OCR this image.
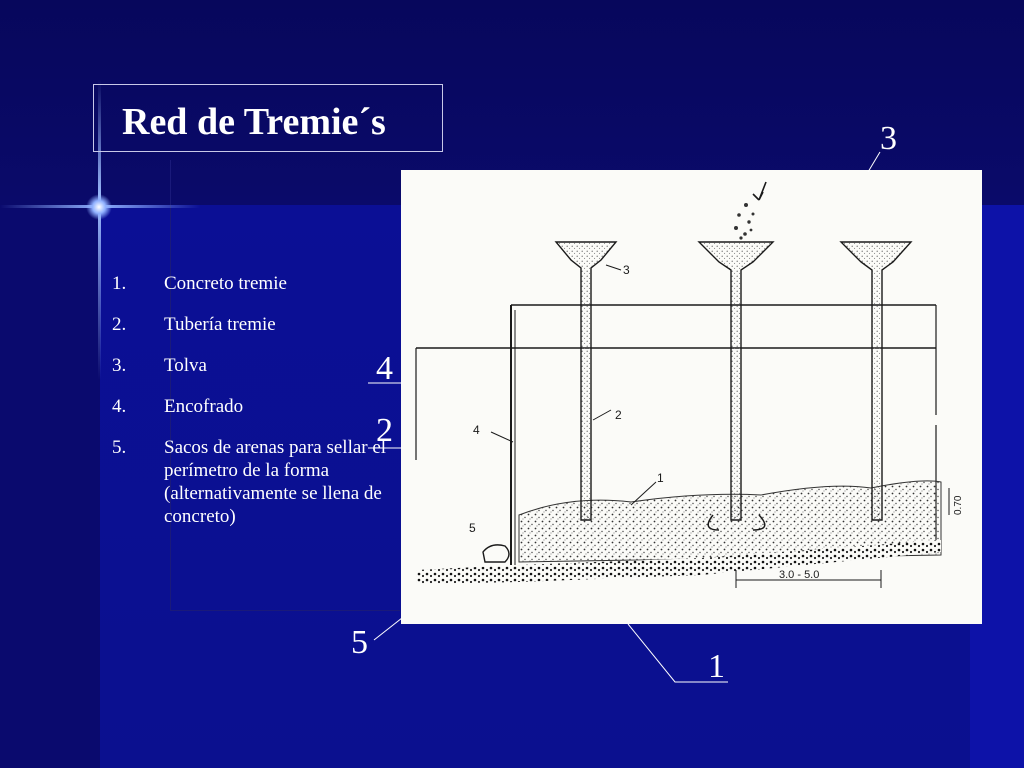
Red de Tremie´s
1. Concreto tremie
2. Tubería tremie
3. Tolva
4. Encofrado
5. Sacos de arenas para sellar el perímetro de la forma (alternativamente se llena de concreto)
3
2
1
4
5
0.70
3.0 - 5.0
3
4
2
5
1
